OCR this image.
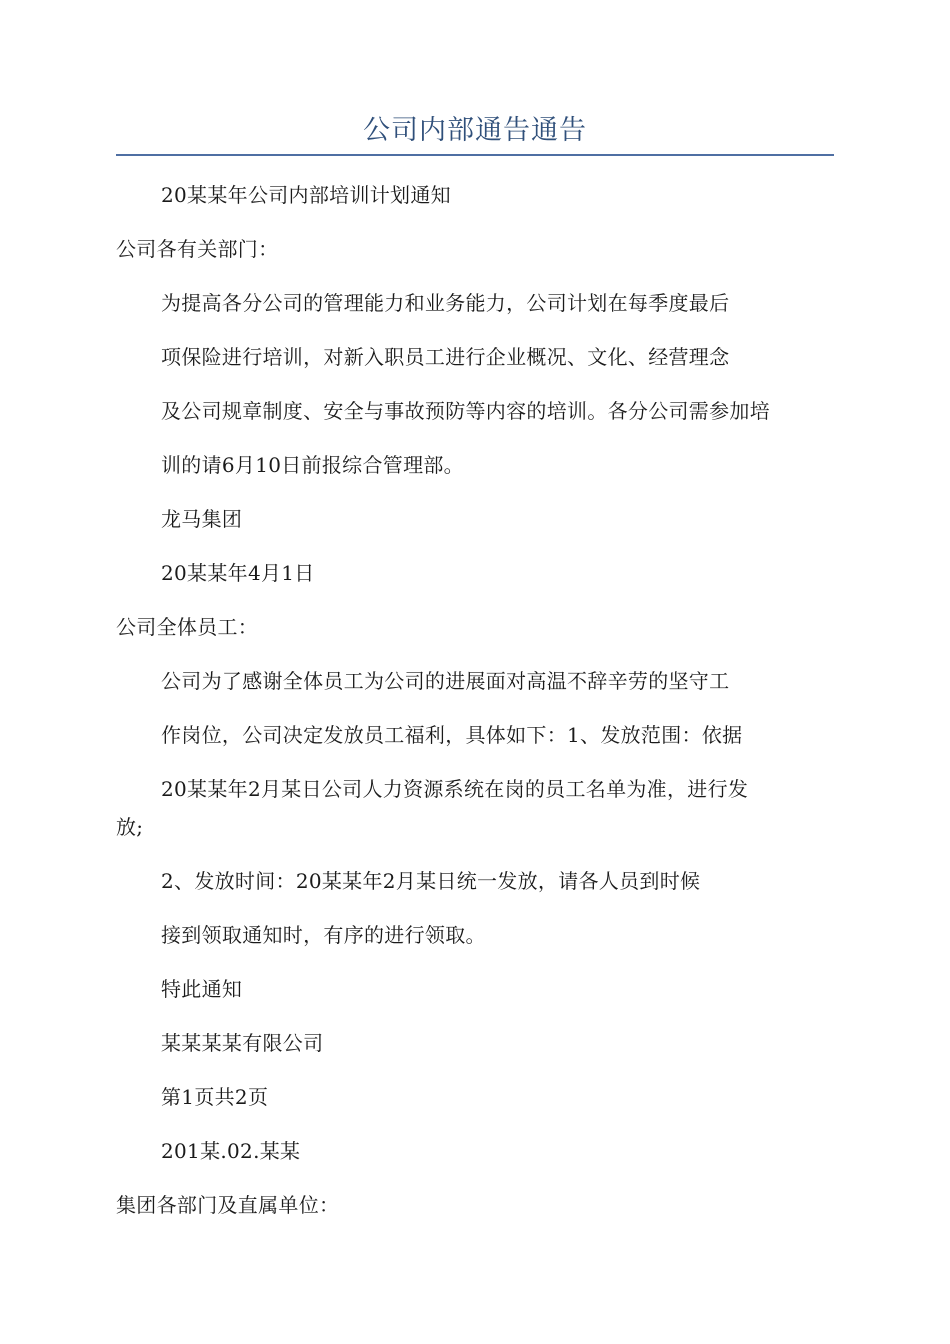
公司内部通告通告
20某某年公司内部培训计划通知
公司各有关部门：
为提高各分公司的管理能力和业务能力，公司计划在每季度最后
项保险进行培训，对新入职员工进行企业概况、文化、经营理念
及公司规章制度、安全与事故预防等内容的培训。各分公司需参加培
训的请6月10日前报综合管理部。
龙马集团
20某某年4月1日
公司全体员工：
公司为了感谢全体员工为公司的进展面对高温不辞辛劳的坚守工
作岗位，公司决定发放员工福利，具体如下：1、发放范围：依据
20某某年2月某日公司人力资源系统在岗的员工名单为准，进行发
放;
2、发放时间：20某某年2月某日统一发放，请各人员到时候
接到领取通知时，有序的进行领取。
特此通知
某某某某有限公司
第1页共2页
201某.02.某某
集团各部门及直属单位：
